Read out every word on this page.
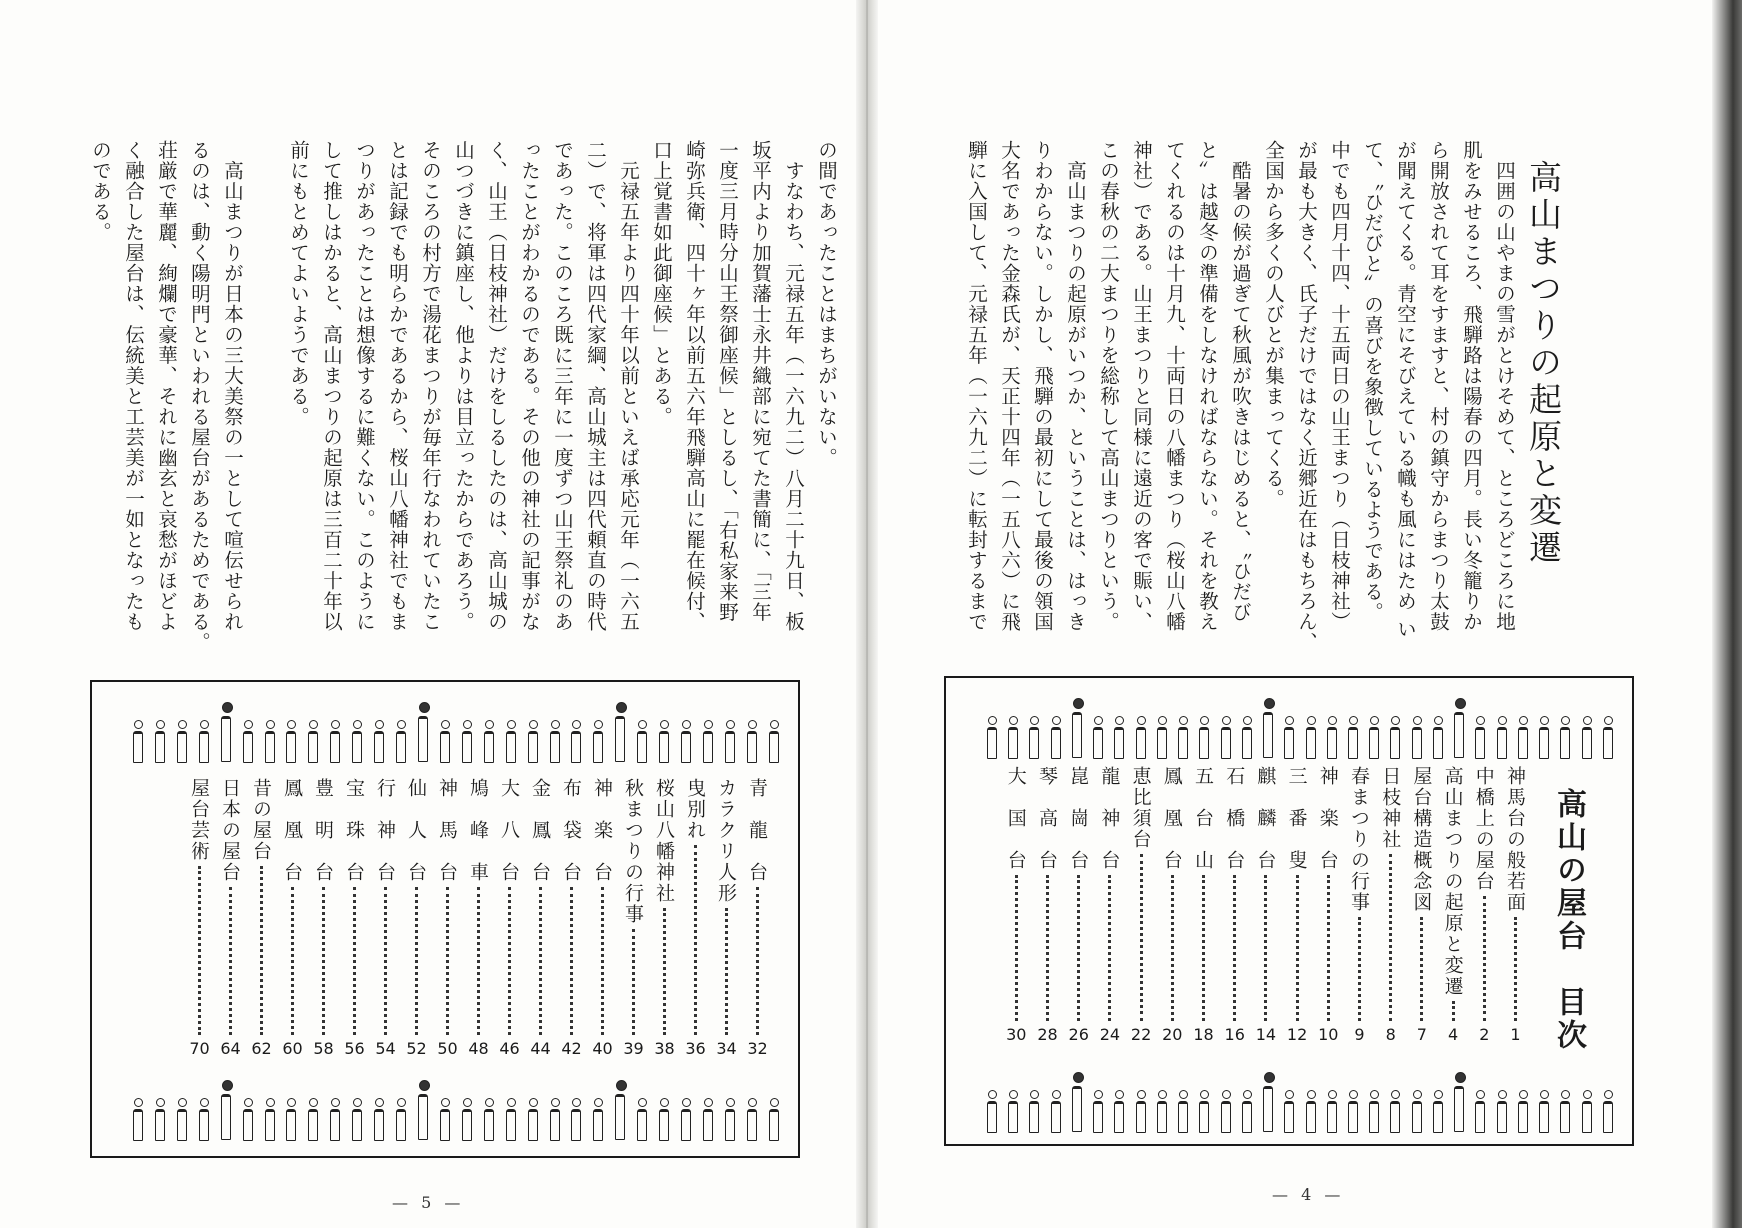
の間であったことはまちがいない。

　すなわち、元禄五年（一六九二）八月二十九日、板

坂平内より加賀藩士永井織部に宛てた書簡に、「三年

一度三月時分山王祭御座候」としるし、「右私家来野

崎弥兵衛、四十ヶ年以前五六年飛騨高山に罷在候付、

口上覚書如此御座候」とある。

　元禄五年より四十年以前といえば承応元年（一六五

二）で、将軍は四代家綱、高山城主は四代頼直の時代

であった。このころ既に三年に一度ずつ山王祭礼のあ

ったことがわかるのである。その他の神社の記事がな

く、山王（日枝神社）だけをしるしたのは、高山城の

山つづきに鎮座し、他よりは目立ったからであろう。

そのころの村方で湯花まつりが毎年行なわれていたこ

とは記録でも明らかであるから、桜山八幡神社でもま

つりがあったことは想像するに難くない。このように

して推しはかると、高山まつりの起原は三百二十年以

前にもとめてよいようである。

　高山まつりが日本の三大美祭の一として喧伝せられ

るのは、動く陽明門といわれる屋台があるためである。

荘厳で華麗、絢爛で豪華、それに幽玄と哀愁がほどよ

く融合した屋台は、伝統美と工芸美が一如となったも

のである。

青　龍　台
32
カラクリ人形
34
曳別れ
36
桜山八幡神社
38
秋まつりの行事
39
神　楽　台
40
布　袋　台
42
金　鳳　台
44
大　八　台
46
鳩　峰　車
48
神　馬　台
50
仙　人　台
52
行　神　台
54
宝　珠　台
56
豊　明　台
58
鳳　凰　台
60
昔の屋台
62
日本の屋台
64
屋台芸術
70
高山まつりの起原と変遷

　四囲の山やまの雪がとけそめて、ところどころに地

肌をみせるころ、飛騨路は陽春の四月。長い冬籠りか

ら開放されて耳をすますと、村の鎮守からまつり太鼓

が聞えてくる。青空にそびえている幟も風にはため い

て、〝ひだびと〟の喜びを象徴しているようである。

中でも四月十四、十五両日の山王まつり（日枝神社）

が最も大きく、氏子だけではなく近郷近在はもちろん、

全国から多くの人びとが集まってくる。

　酷暑の候が過ぎて秋風が吹きはじめると、〝ひだび

と〟は越冬の準備をしなければならない。それを教え

てくれるのは十月九、十両日の八幡まつり（桜山八幡

神社）である。山王まつりと同様に遠近の客で賑い、

この春秋の二大まつりを総称して高山まつりという。

　高山まつりの起原がいつか、ということは、はっき

りわからない。しかし、飛騨の最初にして最後の領国

大名であった金森氏が、天正十四年（一五八六）に飛

騨に入国して、元禄五年（一六九二）に転封するまで

高山の屋台　目次
神馬台の般若面
1
中橋上の屋台
2
高山まつりの起原と変遷
4
屋台構造概念図
7
日枝神社
8
春まつりの行事
9
神　楽　台
10
三　番　叟
12
麒　麟　台
14
石　橋　台
16
五　台　山
18
鳳　凰　台
20
恵比須台
22
龍　神　台
24
崑　崗　台
26
琴　高　台
28
大　国　台
30
— 5 —	— 4 —
